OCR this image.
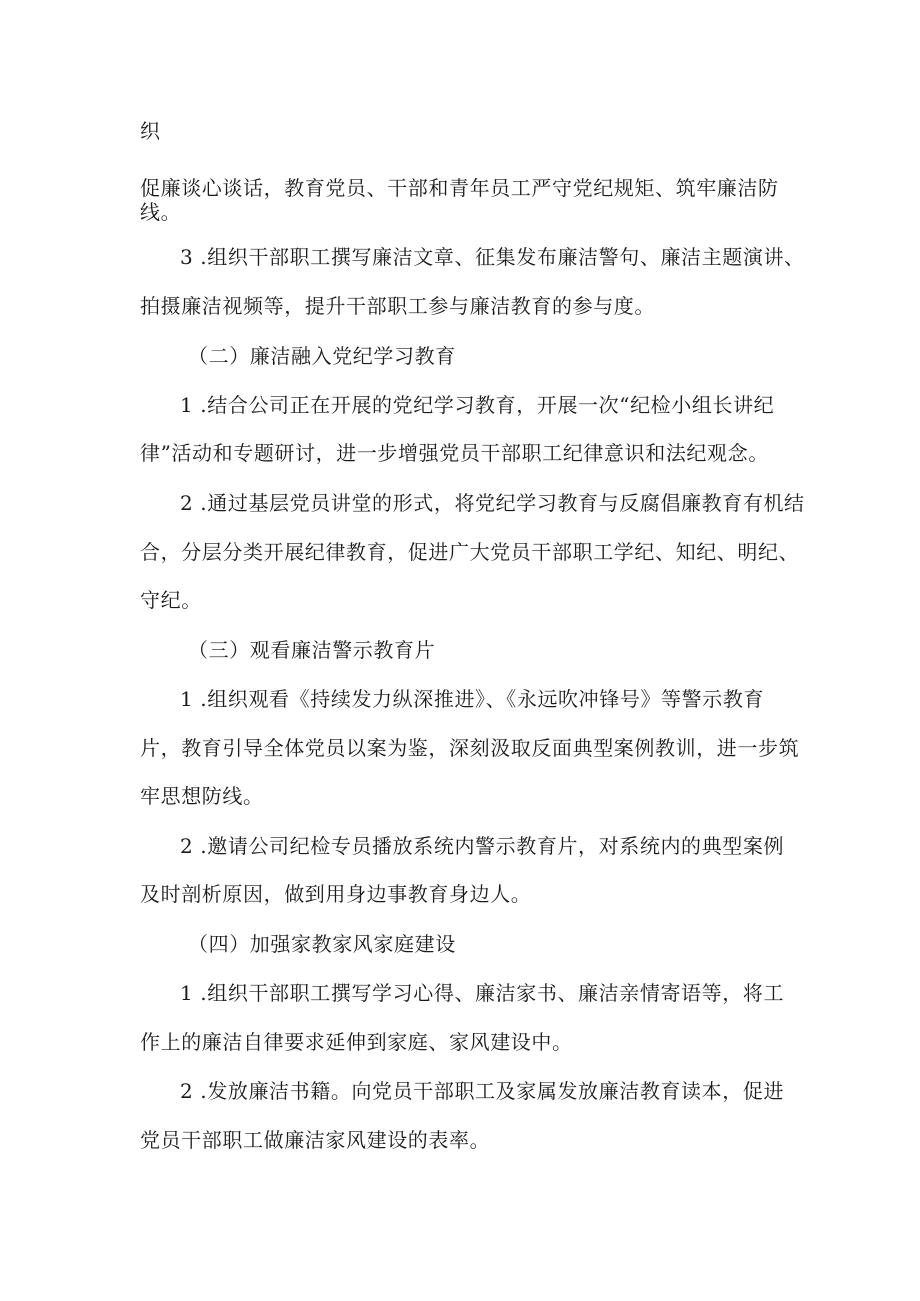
织
促廉谈心谈话，教育党员、干部和青年员工严守党纪规矩、筑牢廉洁防
线。
3 .组织干部职工撰写廉洁文章、征集发布廉洁警句、廉洁主题演讲、
拍摄廉洁视频等，提升干部职工参与廉洁教育的参与度。
（二）廉洁融入党纪学习教育
1 .结合公司正在开展的党纪学习教育，开展一次“纪检小组长讲纪
律”活动和专题研讨，进一步增强党员干部职工纪律意识和法纪观念。
2 .通过基层党员讲堂的形式，将党纪学习教育与反腐倡廉教育有机结
合，分层分类开展纪律教育，促进广大党员干部职工学纪、知纪、明纪、
守纪。
（三）观看廉洁警示教育片
1 .组织观看《持续发力纵深推进》、《永远吹冲锋号》等警示教育
片，教育引导全体党员以案为鉴，深刻汲取反面典型案例教训，进一步筑
牢思想防线。
2 .邀请公司纪检专员播放系统内警示教育片，对系统内的典型案例
及时剖析原因，做到用身边事教育身边人。
（四）加强家教家风家庭建设
1 .组织干部职工撰写学习心得、廉洁家书、廉洁亲情寄语等，将工
作上的廉洁自律要求延伸到家庭、家风建设中。
2 .发放廉洁书籍。向党员干部职工及家属发放廉洁教育读本，促进
党员干部职工做廉洁家风建设的表率。
